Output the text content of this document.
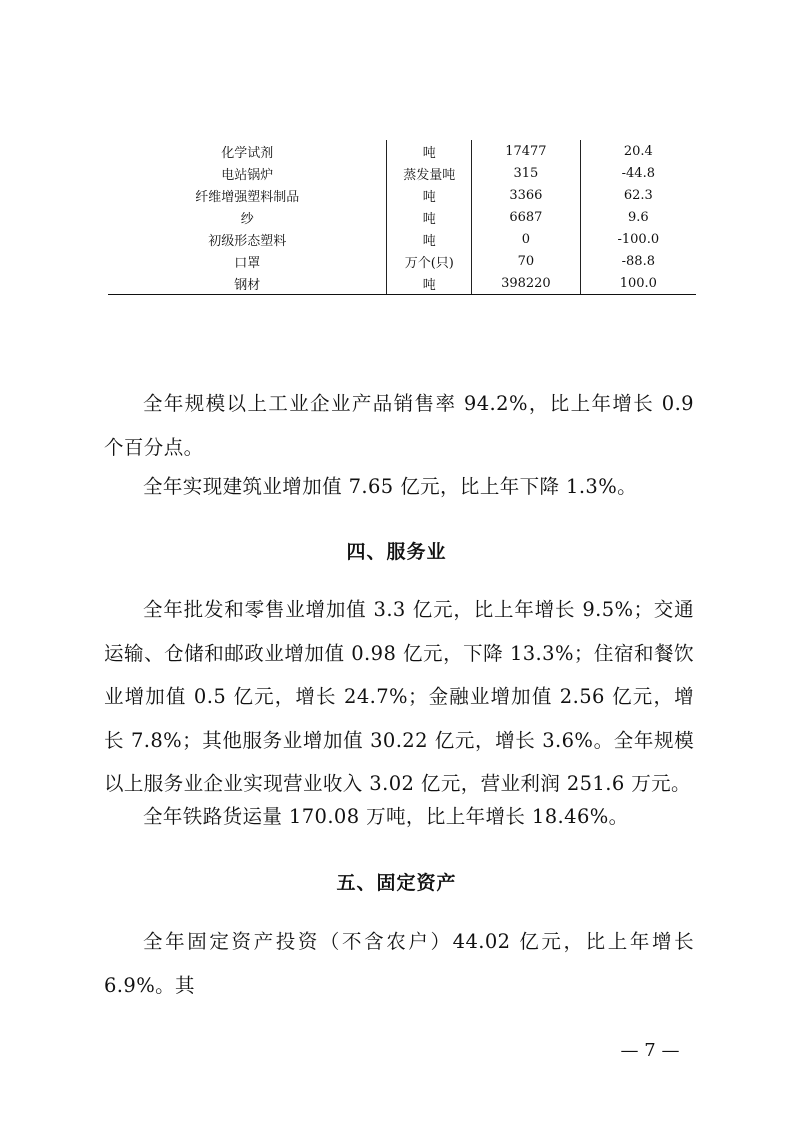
化学试剂	吨	17477	20.4
电站锅炉	蒸发量吨	315	-44.8
纤维增强塑料制品	吨	3366	62.3
纱	吨	6687	9.6
初级形态塑料	吨	0	-100.0
口罩	万个(只)	70	-88.8
钢材	吨	398220	100.0

全年规模以上工业企业产品销售率 94.2%，比上年增长 0.9 个百分点。

全年实现建筑业增加值 7.65 亿元，比上年下降 1.3%。

四、服务业

全年批发和零售业增加值 3.3 亿元，比上年增长 9.5%；交通运输、仓储和邮政业增加值 0.98 亿元，下降 13.3%；住宿和餐饮业增加值 0.5 亿元，增长 24.7%；金融业增加值 2.56 亿元，增长 7.8%；其他服务业增加值 30.22 亿元，增长 3.6%。全年规模以上服务业企业实现营业收入 3.02 亿元，营业利润 251.6 万元。

全年铁路货运量 170.08 万吨，比上年增长 18.46%。

五、固定资产

全年固定资产投资（不含农户）44.02 亿元，比上年增长 6.9%。其

— 7 —
